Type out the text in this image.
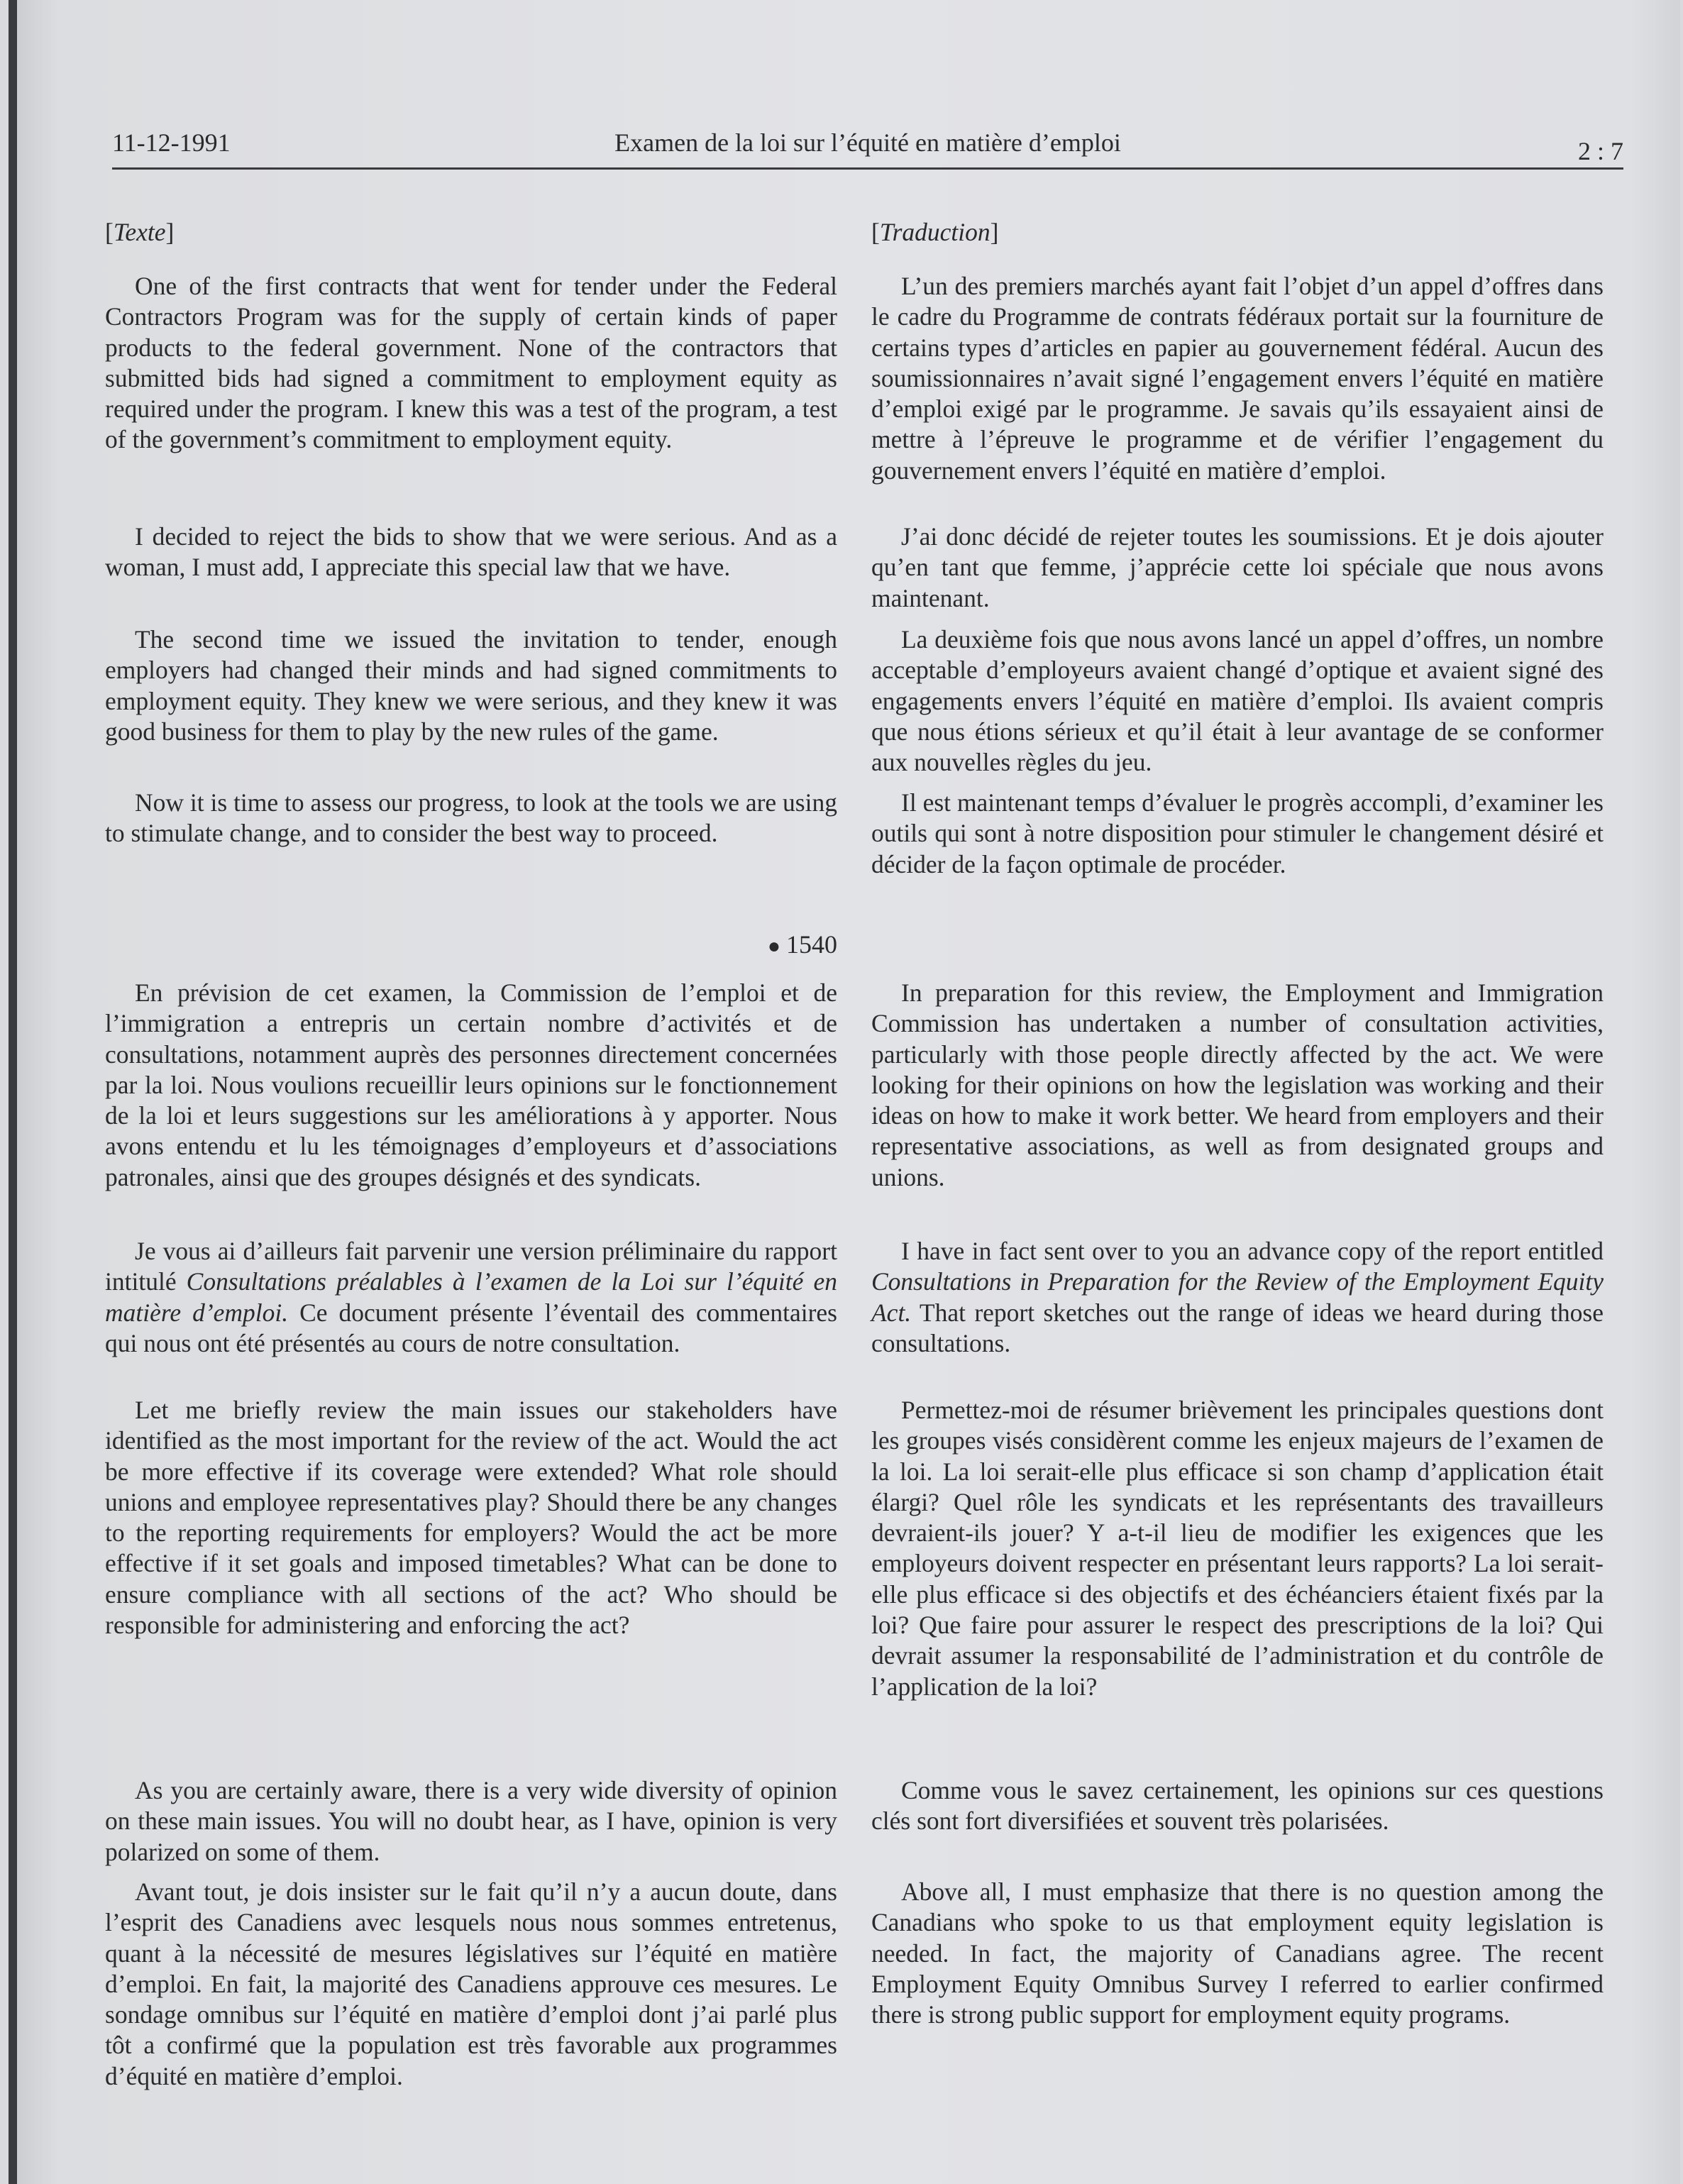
11-12-1991	Examen de la loi sur l’équité en matière d’emploi	2 : 7

[Texte]

One of the first contracts that went for tender under the Federal Contractors Program was for the supply of certain kinds of paper products to the federal government. None of the contractors that submitted bids had signed a commitment to employment equity as required under the program. I knew this was a test of the program, a test of the government’s commitment to employment equity.

I decided to reject the bids to show that we were serious. And as a woman, I must add, I appreciate this special law that we have.

The second time we issued the invitation to tender, enough employers had changed their minds and had signed commitments to employment equity. They knew we were serious, and they knew it was good business for them to play by the new rules of the game.

Now it is time to assess our progress, to look at the tools we are using to stimulate change, and to consider the best way to proceed.

● 1540

En prévision de cet examen, la Commission de l’emploi et de l’immigration a entrepris un certain nombre d’activités et de consultations, notamment auprès des personnes directement concernées par la loi. Nous voulions recueillir leurs opinions sur le fonctionnement de la loi et leurs suggestions sur les améliorations à y apporter. Nous avons entendu et lu les témoignages d’employeurs et d’associations patronales, ainsi que des groupes désignés et des syndicats.

Je vous ai d’ailleurs fait parvenir une version préliminaire du rapport intitulé Consultations préalables à l’examen de la Loi sur l’équité en matière d’emploi. Ce document présente l’éventail des commentaires qui nous ont été présentés au cours de notre consultation.

Let me briefly review the main issues our stakeholders have identified as the most important for the review of the act. Would the act be more effective if its coverage were extended? What role should unions and employee representatives play? Should there be any changes to the reporting requirements for employers? Would the act be more effective if it set goals and imposed timetables? What can be done to ensure compliance with all sections of the act? Who should be responsible for administering and enforcing the act?

As you are certainly aware, there is a very wide diversity of opinion on these main issues. You will no doubt hear, as I have, opinion is very polarized on some of them.

Avant tout, je dois insister sur le fait qu’il n’y a aucun doute, dans l’esprit des Canadiens avec lesquels nous nous sommes entretenus, quant à la nécessité de mesures législatives sur l’équité en matière d’emploi. En fait, la majorité des Canadiens approuve ces mesures. Le sondage omnibus sur l’équité en matière d’emploi dont j’ai parlé plus tôt a confirmé que la population est très favorable aux programmes d’équité en matière d’emploi.

[Traduction]

L’un des premiers marchés ayant fait l’objet d’un appel d’offres dans le cadre du Programme de contrats fédéraux portait sur la fourniture de certains types d’articles en papier au gouvernement fédéral. Aucun des soumissionnaires n’avait signé l’engagement envers l’équité en matière d’emploi exigé par le programme. Je savais qu’ils essayaient ainsi de mettre à l’épreuve le programme et de vérifier l’engagement du gouvernement envers l’équité en matière d’emploi.

J’ai donc décidé de rejeter toutes les soumissions. Et je dois ajouter qu’en tant que femme, j’apprécie cette loi spéciale que nous avons maintenant.

La deuxième fois que nous avons lancé un appel d’offres, un nombre acceptable d’employeurs avaient changé d’optique et avaient signé des engagements envers l’équité en matière d’emploi. Ils avaient compris que nous étions sérieux et qu’il était à leur avantage de se conformer aux nouvelles règles du jeu.

Il est maintenant temps d’évaluer le progrès accompli, d’examiner les outils qui sont à notre disposition pour stimuler le changement désiré et décider de la façon optimale de procéder.

In preparation for this review, the Employment and Immigration Commission has undertaken a number of consultation activities, particularly with those people directly affected by the act. We were looking for their opinions on how the legislation was working and their ideas on how to make it work better. We heard from employers and their representative associations, as well as from designated groups and unions.

I have in fact sent over to you an advance copy of the report entitled Consultations in Preparation for the Review of the Employment Equity Act. That report sketches out the range of ideas we heard during those consultations.

Permettez-moi de résumer brièvement les principales questions dont les groupes visés considèrent comme les enjeux majeurs de l’examen de la loi. La loi serait-elle plus efficace si son champ d’application était élargi? Quel rôle les syndicats et les représentants des travailleurs devraient-ils jouer? Y a-t-il lieu de modifier les exigences que les employeurs doivent respecter en présentant leurs rapports? La loi serait-elle plus efficace si des objectifs et des échéanciers étaient fixés par la loi? Que faire pour assurer le respect des prescriptions de la loi? Qui devrait assumer la responsabilité de l’administration et du contrôle de l’application de la loi?

Comme vous le savez certainement, les opinions sur ces questions clés sont fort diversifiées et souvent très polarisées.

Above all, I must emphasize that there is no question among the Canadians who spoke to us that employment equity legislation is needed. In fact, the majority of Canadians agree. The recent Employment Equity Omnibus Survey I referred to earlier confirmed there is strong public support for employment equity programs.
